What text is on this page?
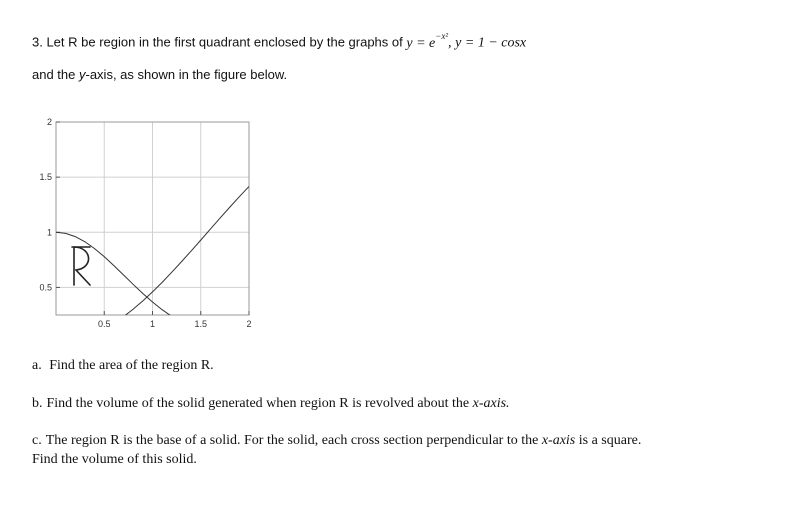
3. Let R be region in the first quadrant enclosed by the graphs of $y = e^{-x^2}$, y = 1 − cosx
and the y-axis, as shown in the figure below.
0.5	1	1.5	2
2
1.5
1
0.5
R
a. Find the area of the region R.
b. Find the volume of the solid generated when region R is revolved about the x-axis.
c. The region R is the base of a solid. For the solid, each cross section perpendicular to the x-axis is a square.
Find the volume of this solid.
